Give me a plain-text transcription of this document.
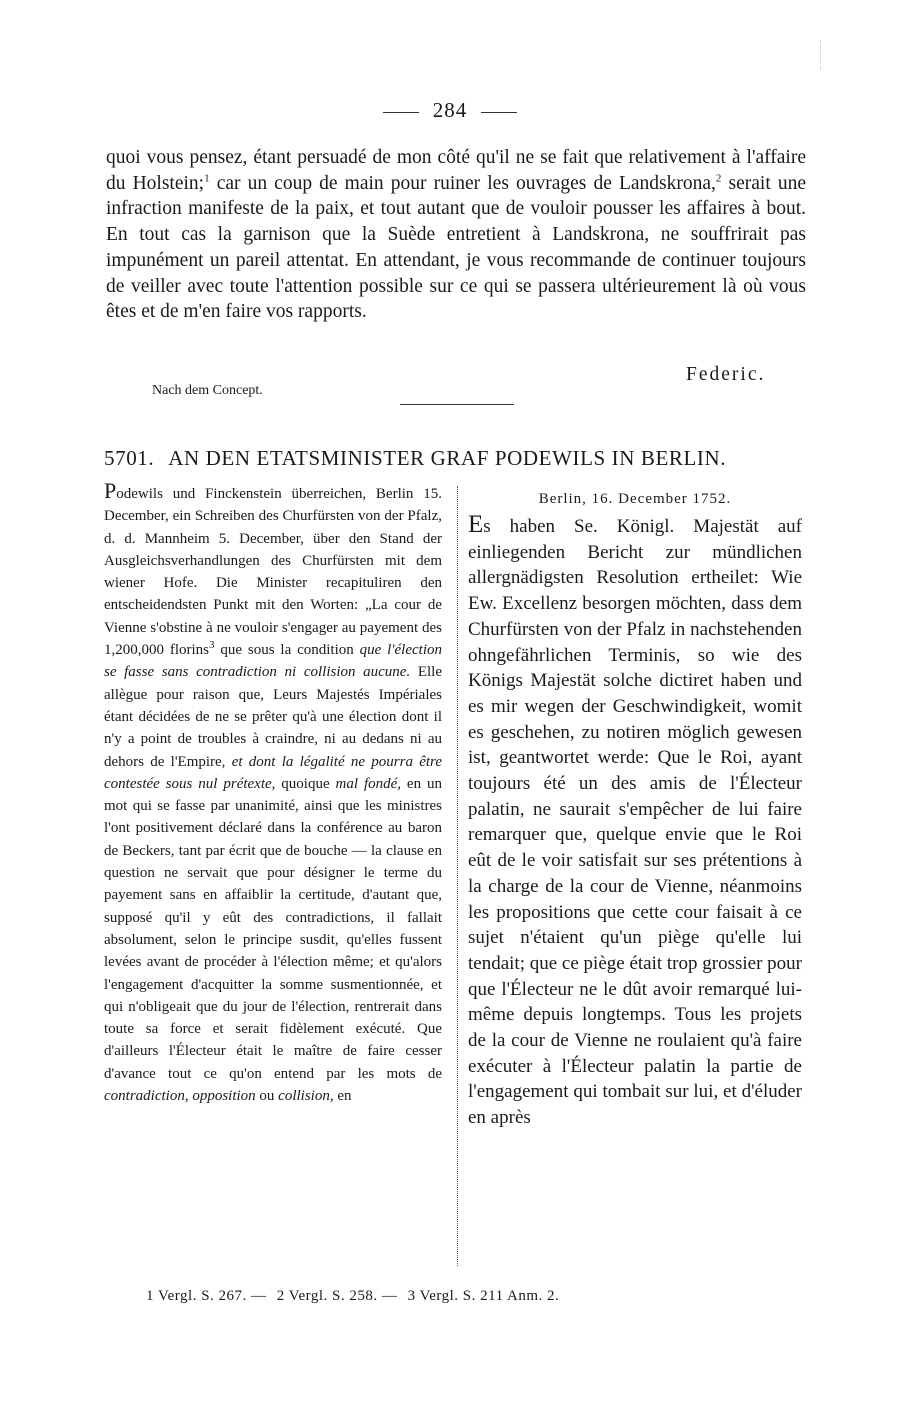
284

quoi vous pensez, étant persuadé de mon côté qu'il ne se fait que relativement à l'affaire du Holstein;$^1$ car un coup de main pour ruiner les ouvrages de Landskrona,$^2$ serait une infraction manifeste de la paix, et tout autant que de vouloir pousser les affaires à bout. En tout cas la garnison que la Suède entretient à Landskrona, ne souffrirait pas impunément un pareil attentat. En attendant, je vous recommande de continuer toujours de veiller avec toute l'attention possible sur ce qui se passera ultérieurement là où vous êtes et de m'en faire vos rapports.

Federic.
Nach dem Concept.
5701. AN DEN ETATSMINISTER GRAF PODEWILS IN BERLIN.
Podewils und Finckenstein überreichen, Berlin 15. December, ein Schreiben des Churfürsten von der Pfalz, d. d. Mannheim 5. December, über den Stand der Ausgleichsverhandlungen des Churfürsten mit dem wiener Hofe. Die Minister recapituliren den entscheidendsten Punkt mit den Worten: „La cour de Vienne s'obstine à ne vouloir s'engager au payement des 1,200,000 florins$^3$ que sous la condition que l'élection se fasse sans contradiction ni collision aucune. Elle allègue pour raison que, Leurs Majestés Impériales étant décidées de ne se prêter qu'à une élection dont il n'y a point de troubles à craindre, ni au dedans ni au dehors de l'Empire, et dont la légalité ne pourra être contestée sous nul prétexte, quoique mal fondé, en un mot qui se fasse par unanimité, ainsi que les ministres l'ont positivement déclaré dans la conférence au baron de Beckers, tant par écrit que de bouche — la clause en question ne servait que pour désigner le terme du payement sans en affaiblir la certitude, d'autant que, supposé qu'il y eût des contradictions, il fallait absolument, selon le principe susdit, qu'elles fussent levées avant de procéder à l'élection même; et qu'alors l'engagement d'acquitter la somme susmentionnée, et qui n'obligeait que du jour de l'élection, rentrerait dans toute sa force et serait fidèlement exécuté. Que d'ailleurs l'Électeur était le maître de faire cesser d'avance tout ce qu'on entend par les mots de contradiction, opposition ou collision, en
Berlin, 16. December 1752.
Es haben Se. Königl. Majestät auf einliegenden Bericht zur mündlichen allergnädigsten Resolution ertheilet: Wie Ew. Excellenz besorgen möchten, dass dem Churfürsten von der Pfalz in nachstehenden ohngefährlichen Terminis, so wie des Königs Majestät solche dictiret haben und es mir wegen der Geschwindigkeit, womit es geschehen, zu notiren möglich gewesen ist, geantwortet werde: Que le Roi, ayant toujours été un des amis de l'Électeur palatin, ne saurait s'empêcher de lui faire remarquer que, quelque envie que le Roi eût de le voir satisfait sur ses prétentions à la charge de la cour de Vienne, néanmoins les propositions que cette cour faisait à ce sujet n'étaient qu'un piège qu'elle lui tendait; que ce piège était trop grossier pour que l'Électeur ne le dût avoir remarqué lui-même depuis longtemps. Tous les projets de la cour de Vienne ne roulaient qu'à faire exécuter à l'Électeur palatin la partie de l'engagement qui tombait sur lui, et d'éluder en après
1 Vergl. S. 267. — 2 Vergl. S. 258. — 3 Vergl. S. 211 Anm. 2.
